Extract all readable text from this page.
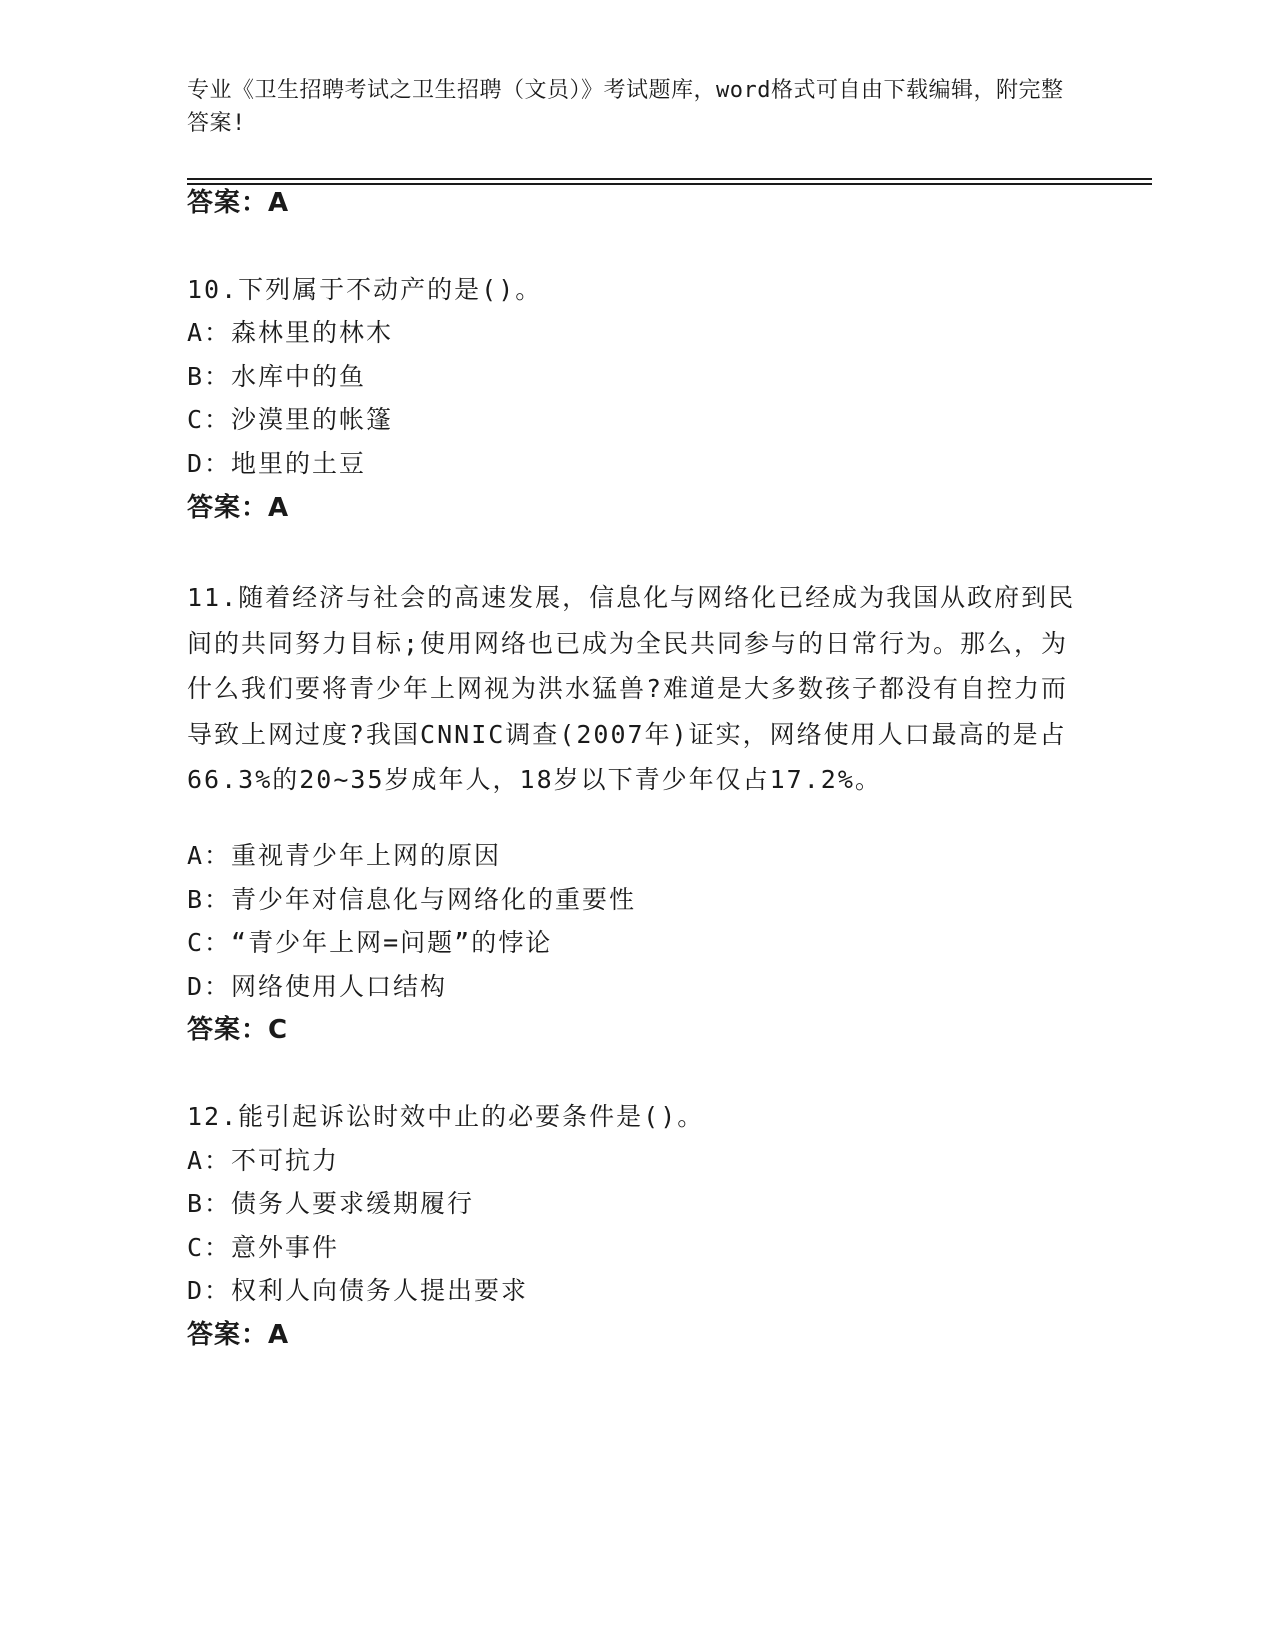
专业《卫生招聘考试之卫生招聘（文员）》考试题库，word格式可自由下载编辑，附完整答案!
答案：A
10.下列属于不动产的是()。
A：森林里的林木
B：水库中的鱼
C：沙漠里的帐篷
D：地里的土豆
答案：A
11.随着经济与社会的高速发展，信息化与网络化已经成为我国从政府到民间的共同努力目标;使用网络也已成为全民共同参与的日常行为。那么，为什么我们要将青少年上网视为洪水猛兽?难道是大多数孩子都没有自控力而导致上网过度?我国CNNIC调查(2007年)证实，网络使用人口最高的是占66.3%的20~35岁成年人，18岁以下青少年仅占17.2%。
A：重视青少年上网的原因
B：青少年对信息化与网络化的重要性
C：“青少年上网=问题”的悖论
D：网络使用人口结构
答案：C
12.能引起诉讼时效中止的必要条件是()。
A：不可抗力
B：债务人要求缓期履行
C：意外事件
D：权利人向债务人提出要求
答案：A
